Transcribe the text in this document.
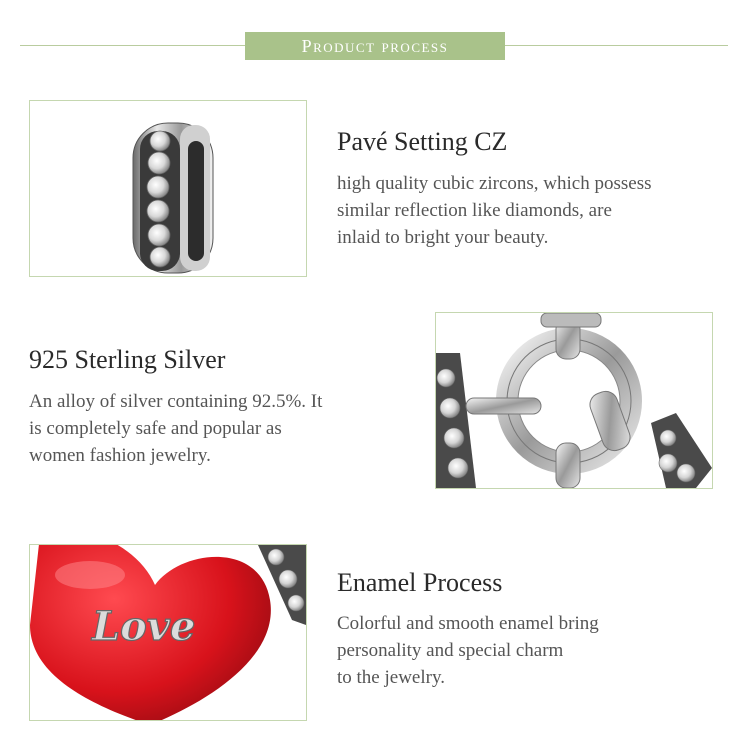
Product process
Pavé Setting CZ
high quality cubic zircons, which possess
similar reflection like diamonds, are
inlaid to bright your beauty.
925 Sterling Silver
An alloy of silver containing 92.5%. It
is completely safe and popular as
women fashion jewelry.
Love
Enamel Process
Colorful and smooth enamel bring
personality and special charm
to the jewelry.
